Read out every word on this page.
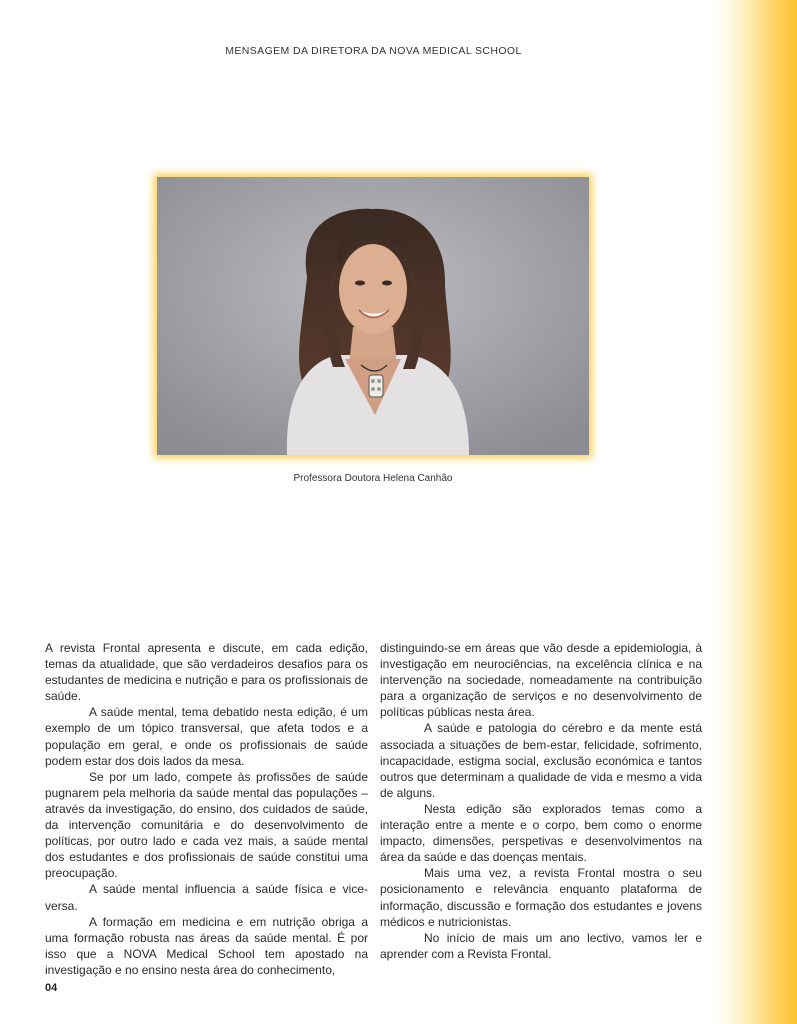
MENSAGEM DA DIRETORA DA NOVA MEDICAL SCHOOL
Professora Doutora Helena Canhão

A revista Frontal apresenta e discute, em cada edição, temas da atualidade, que são verdadeiros desafios para os estudantes de medicina e nutrição e para os profissionais de saúde.

A saúde mental, tema debatido nesta edição, é um exemplo de um tópico transversal, que afeta todos e a população em geral, e onde os profissionais de saúde podem estar dos dois lados da mesa.

Se por um lado, compete às profissões de saúde pugnarem pela melhoria da saúde mental das populações – através da investigação, do ensino, dos cuidados de saúde, da intervenção comunitária e do desenvolvimento de políticas, por outro lado e cada vez mais, a saúde mental dos estudantes e dos profissionais de saúde constitui uma preocupação.

A saúde mental influencia a saúde física e vice-versa.

A formação em medicina e em nutrição obriga a uma formação robusta nas áreas da saúde mental. É por isso que a NOVA Medical School tem apostado na investigação e no ensino nesta área do conhecimento,

distinguindo-se em áreas que vão desde a epidemiologia, à investigação em neurociências, na excelência clínica e na intervenção na sociedade, nomeadamente na contribuição para a organização de serviços e no desenvolvimento de políticas públicas nesta área.

A saúde e patologia do cérebro e da mente está associada a situações de bem-estar, felicidade, sofrimento, incapacidade, estigma social, exclusão económica e tantos outros que determinam a qualidade de vida e mesmo a vida de alguns.

Nesta edição são explorados temas como a interação entre a mente e o corpo, bem como o enorme impacto, dimensões, perspetivas e desenvolvimentos na área da saúde e das doenças mentais.

Mais uma vez, a revista Frontal mostra o seu posicionamento e relevância enquanto plataforma de informação, discussão e formação dos estudantes e jovens médicos e nutricionistas.

No início de mais um ano lectivo, vamos ler e aprender com a Revista Frontal.

04
